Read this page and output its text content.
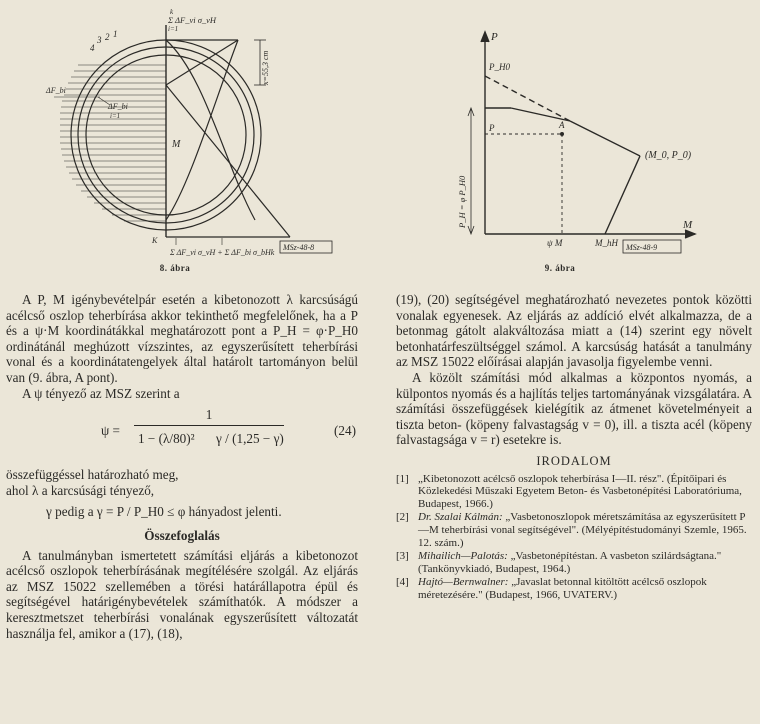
k
Σ ΔF_vi σ_vH
i=1
3 2 1
4
ΔF_bi
ΔF_bi
i=1
M
K
Σ ΔF_vi σ_vH + Σ ΔF_bi σ_bHk
MSz-48-8
x=55,3 cm
8. ábra
P
M
P_H0
P	A
(M_0, P_0)
ψ M	M_hH MSz-48-9
P_H = φ P_H0
9. ábra

A P, M igénybevételpár esetén a kibetonozott λ karcsúságú acélcső oszlop teherbírása akkor tekinthető megfelelőnek, ha a P és a ψ·M koordinátákkal meghatározott pont a P_H = φ·P_H0 ordinátánál meghúzott vízszintes, az egyszerűsített teherbírási vonal és a koordinátatengelyek által határolt tartományon belül van (9. ábra, A pont).

A ψ tényező az MSZ szerint a

ψ =
1
1 − (λ/80)² γ / (1,25 − γ)
(24)

összefüggéssel határozható meg,

ahol λ a karcsúsági tényező,

γ pedig a γ = P / P_H0 ≤ φ hányadost jelenti.

Összefoglalás

A tanulmányban ismertetett számítási eljárás a kibetonozot acélcső oszlopok teherbírásának megítélésére szolgál. Az eljárás az MSZ 15022 szellemében a törési határállapotra épül és segítségével határigénybevételek számíthatók. A módszer a keresztmetszet teherbírási vonalának egyszerűsített változatát használja fel, amikor a (17), (18),

(19), (20) segítségével meghatározható nevezetes pontok közötti vonalak egyenesek. Az eljárás az addíció elvét alkalmazza, de a betonmag gátolt alakváltozása miatt a (14) szerint egy növelt betonhatárfeszültséggel számol. A karcsúság hatását a tanulmány az MSZ 15022 előírásai alapján javasolja figyelembe venni.

A közölt számítási mód alkalmas a központos nyomás, a külpontos nyomás és a hajlítás teljes tartományának vizsgálatára. A számítási összefüggések kielégítik az átmenet követelményeit a tiszta beton- (köpeny falvastagság v = 0), ill. a tiszta acél (köpeny falvastagsága v = r) esetekre is.

IRODALOM
[1] „Kibetonozott acélcső oszlopok teherbírása I—II. rész". (Építőipari és Közlekedési Műszaki Egyetem Beton- és Vasbetonépítési Laboratóriuma, Budapest, 1966.)
[2] Dr. Szalai Kálmán: „Vasbetonoszlopok méretszámítása az egyszerűsített P—M teherbírási vonal segítségével". (Mélyépítéstudományi Szemle, 1965. 12. szám.)
[3] Mihailich—Palotás: „Vasbetonépítéstan. A vasbeton szilárdságtana." (Tankönyvkiadó, Budapest, 1964.)
[4] Hajtó—Bernwalner: „Javaslat betonnal kitöltött acélcső oszlopok méretezésére." (Budapest, 1966, UVATERV.)
